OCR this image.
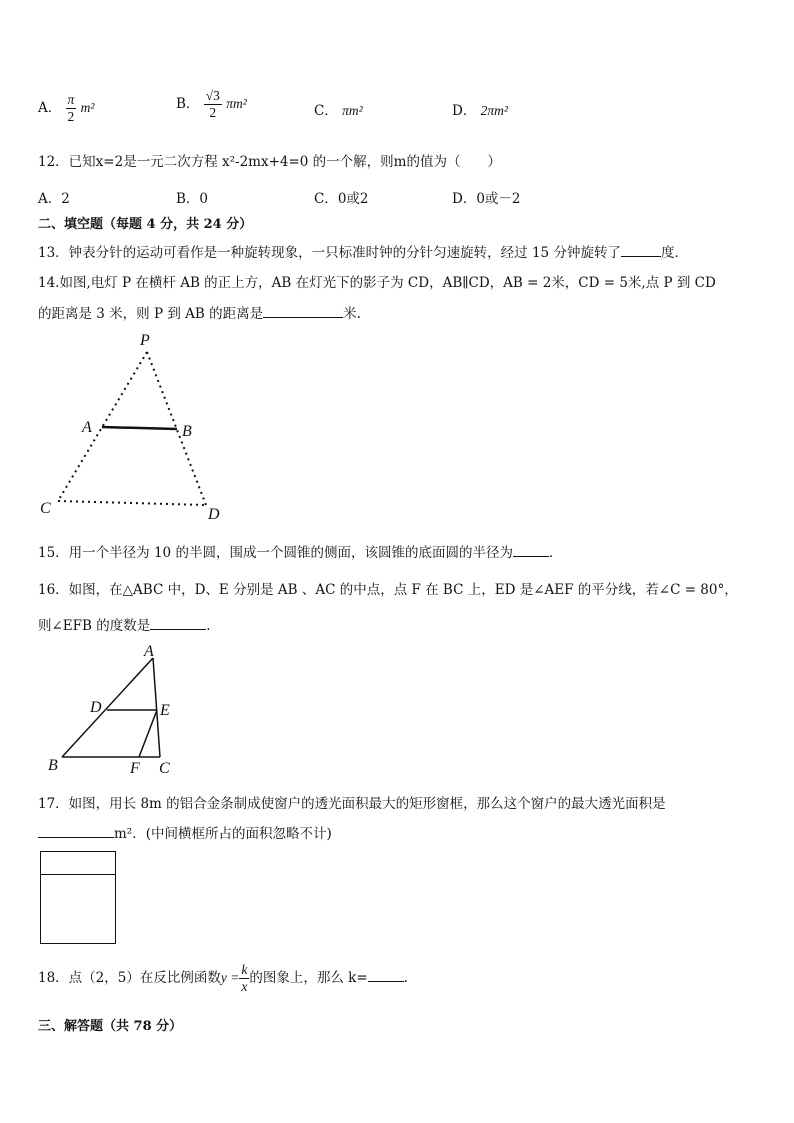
A． $\frac{\pi}{2} m^2$	B． $\frac{√3}{2} \pi m^2$	C． πm²	D． 2πm²
12．已知x=2是一元二次方程 x²-2mx+4=0 的一个解，则m的值为（　　）
A．2	B．0	C．0或2	D．0或－2
二、填空题（每题 4 分，共 24 分）
13．钟表分针的运动可看作是一种旋转现象，一只标准时钟的分针匀速旋转，经过 15 分钟旋转了	度．
14.如图,电灯 P 在横杆 AB 的正上方，AB 在灯光下的影子为 CD，AB∥CD，AB = 2米，CD = 5米,点 P 到 CD
的距离是 3 米，则 P 到 AB 的距离是	米.
P
A	B
C	D
15．用一个半径为 10 的半圆，围成一个圆锥的侧面，该圆锥的底面圆的半径为	．
16．如图，在△ABC 中，D、E 分别是 AB 、AC 的中点，点 F 在 BC 上，ED 是∠AEF 的平分线，若∠C = 80°，
则∠EFB 的度数是	.
A
D	E
B	F C
17．如图，用长 8m 的铝合金条制成使窗户的透光面积最大的矩形窗框，那么这个窗户的最大透光面积是
m²．(中间横框所占的面积忽略不计)
18．点（2，5）在反比例函数$y = \frac{k}{x}$ 的图象上，那么 k=	.
三、解答题（共 78 分）
